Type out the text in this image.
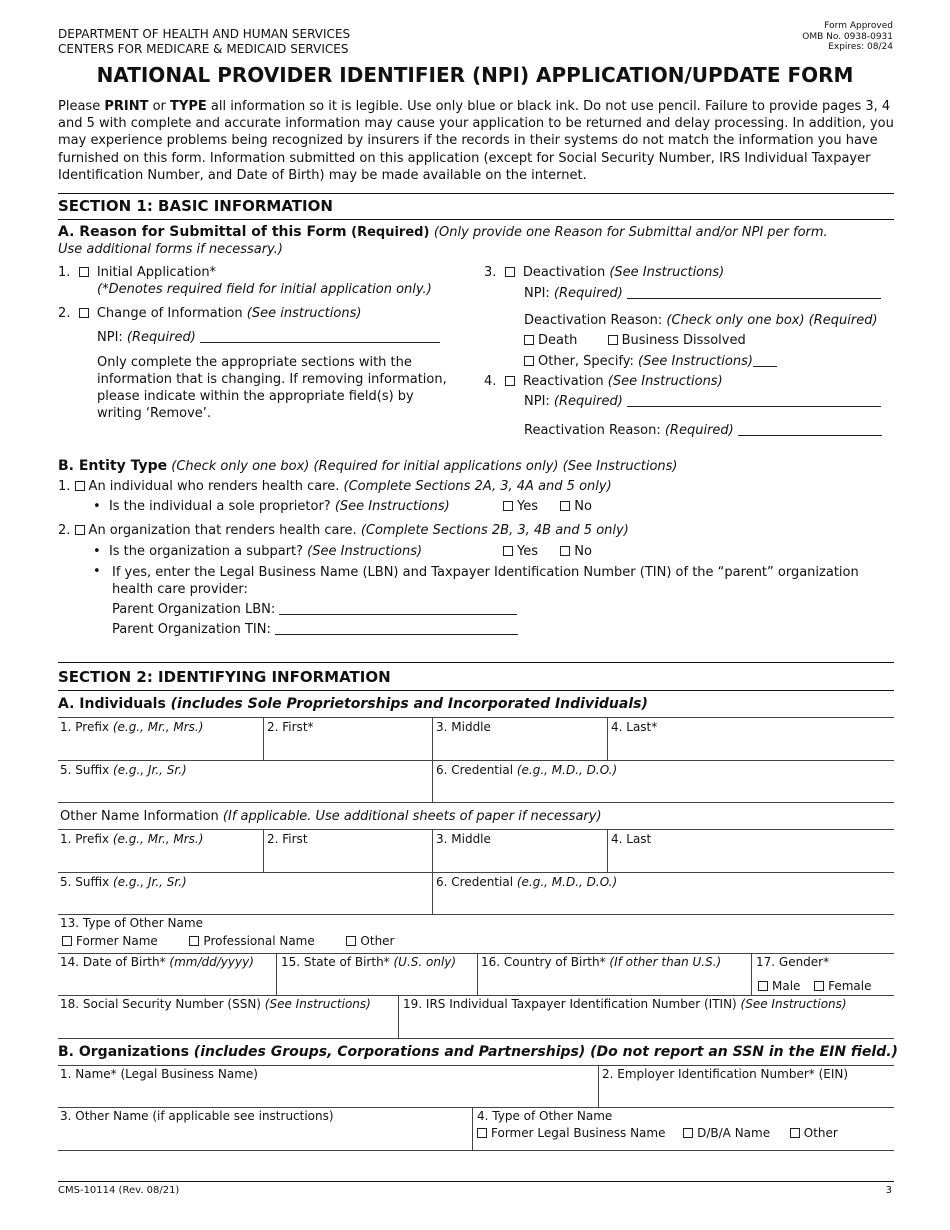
DEPARTMENT OF HEALTH AND HUMAN SERVICES
CENTERS FOR MEDICARE & MEDICAID SERVICES
Form Approved
OMB No. 0938-0931
Expires: 08/24
NATIONAL PROVIDER IDENTIFIER (NPI) APPLICATION/UPDATE FORM
Please PRINT or TYPE all information so it is legible. Use only blue or black ink. Do not use pencil. Failure to provide pages 3, 4 and 5 with complete and accurate information may cause your application to be returned and delay processing. In addition, you may experience problems being recognized by insurers if the records in their systems do not match the information you have furnished on this form. Information submitted on this application (except for Social Security Number, IRS Individual Taxpayer Identification Number, and Date of Birth) may be made available on the internet.
SECTION 1: BASIC INFORMATION
A. Reason for Submittal of this Form (Required) (Only provide one Reason for Submittal and/or NPI per form.
Use additional forms if necessary.)
1. Initial Application*
(*Denotes required field for initial application only.)
2. Change of Information (See instructions)
NPI: (Required)
Only complete the appropriate sections with the information that is changing. If removing information, please indicate within the appropriate field(s) by writing ‘Remove’.
3. Deactivation (See Instructions)
NPI: (Required)
Deactivation Reason: (Check only one box) (Required)
Death	Business Dissolved
Other, Specify: (See Instructions)
4. Reactivation (See Instructions)
NPI: (Required)
Reactivation Reason: (Required)
B. Entity Type (Check only one box) (Required for initial applications only) (See Instructions)
1. An individual who renders health care. (Complete Sections 2A, 3, 4A and 5 only)
•  Is the individual a sole proprietor? (See Instructions)	Yes	No
2. An organization that renders health care. (Complete Sections 2B, 3, 4B and 5 only)
•  Is the organization a subpart? (See Instructions)	Yes	No
• If yes, enter the Legal Business Name (LBN) and Taxpayer Identification Number (TIN) of the “parent” organization health care provider:
Parent Organization LBN:
Parent Organization TIN:
SECTION 2: IDENTIFYING INFORMATION
A. Individuals (includes Sole Proprietorships and Incorporated Individuals)
1. Prefix (e.g., Mr., Mrs.)	2. First*	3. Middle	4. Last*
5. Suffix (e.g., Jr., Sr.)	6. Credential (e.g., M.D., D.O.)
Other Name Information (If applicable. Use additional sheets of paper if necessary)
1. Prefix (e.g., Mr., Mrs.)	2. First	3. Middle	4. Last
5. Suffix (e.g., Jr., Sr.)	6. Credential (e.g., M.D., D.O.)
13. Type of Other Name
Former Name	Professional Name	Other
14. Date of Birth* (mm/dd/yyyy) 15. State of Birth* (U.S. only) 16. Country of Birth* (If other than U.S.)	17. Gender*
Male Female
18. Social Security Number (SSN) (See Instructions)	19. IRS Individual Taxpayer Identification Number (ITIN) (See Instructions)
B. Organizations (includes Groups, Corporations and Partnerships) (Do not report an SSN in the EIN field.)
1. Name* (Legal Business Name)	2. Employer Identification Number* (EIN)
3. Other Name (if applicable see instructions)	4. Type of Other Name
Former Legal Business Name	D/B/A Name	Other
CMS-10114 (Rev. 08/21)	3
